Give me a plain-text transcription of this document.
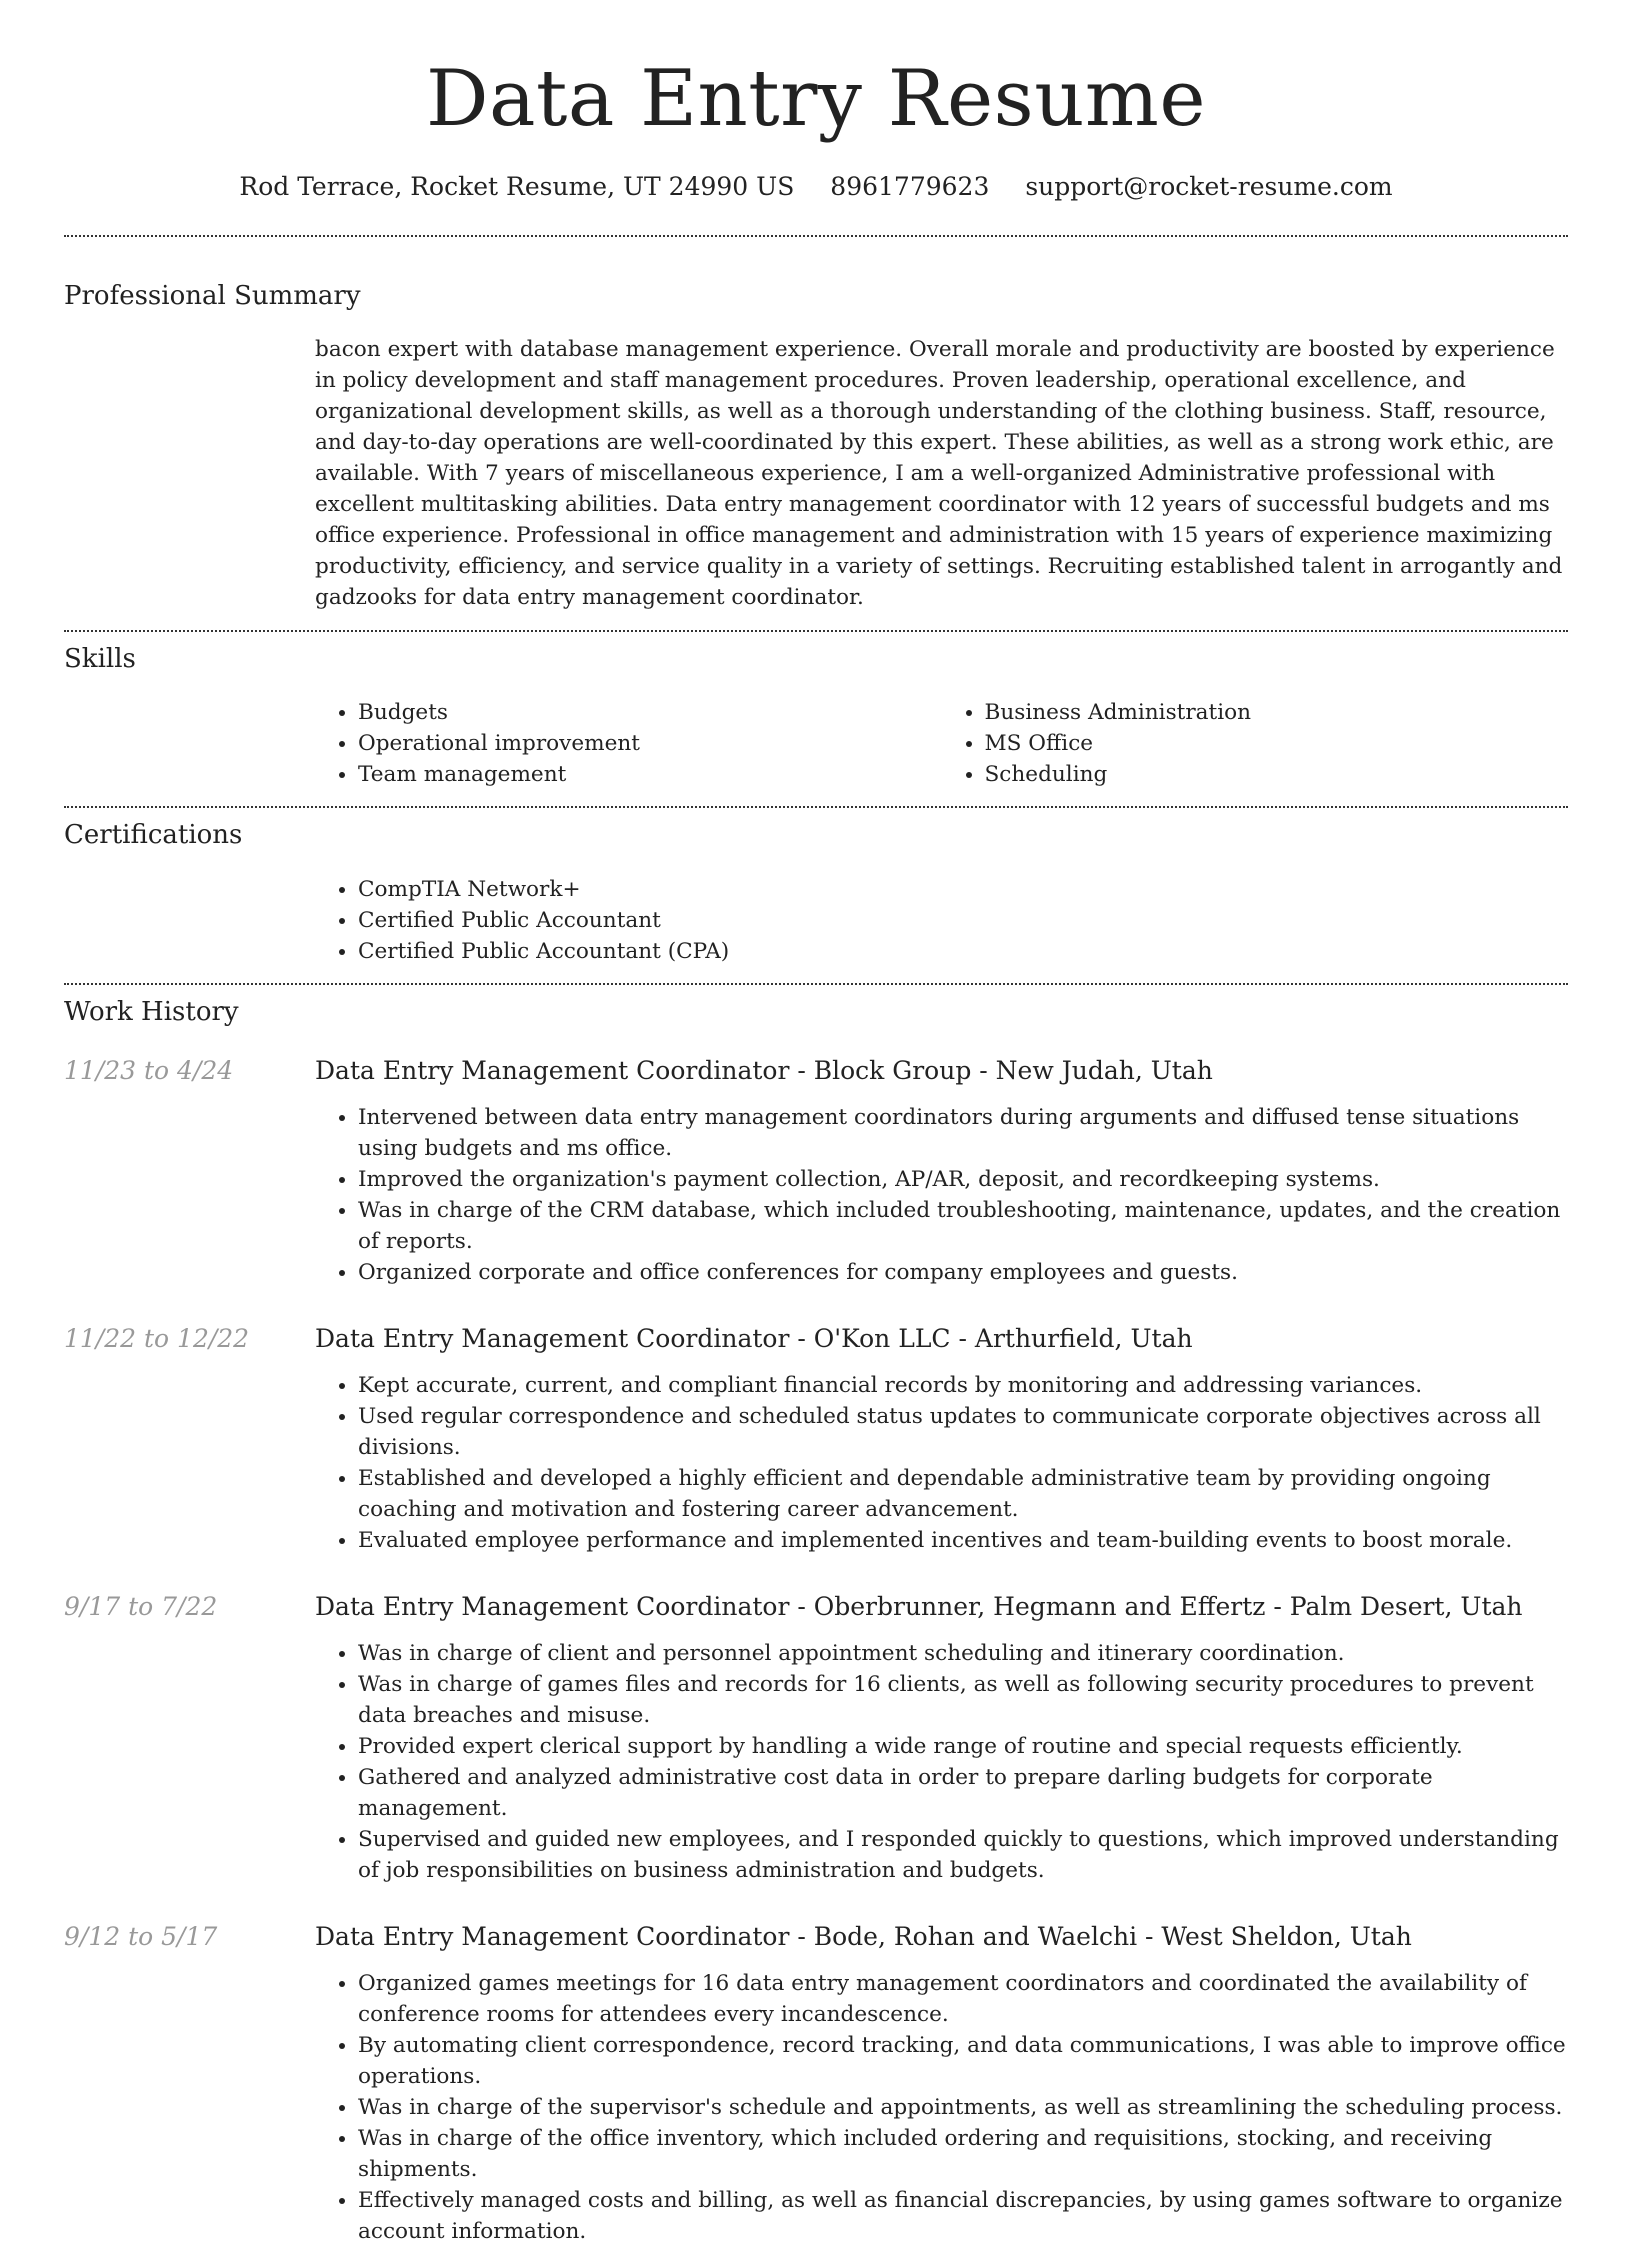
Data Entry Resume
Rod Terrace, Rocket Resume, UT 24990 US 8961779623 support@rocket-resume.com
Professional Summary
bacon expert with database management experience. Overall morale and productivity are boosted by experience in policy development and staff management procedures. Proven leadership, operational excellence, and organizational development skills, as well as a thorough understanding of the clothing business. Staff, resource, and day-to-day operations are well-coordinated by this expert. These abilities, as well as a strong work ethic, are available. With 7 years of miscellaneous experience, I am a well-organized Administrative professional with excellent multitasking abilities. Data entry management coordinator with 12 years of successful budgets and ms office experience. Professional in office management and administration with 15 years of experience maximizing productivity, efficiency, and service quality in a variety of settings. Recruiting established talent in arrogantly and gadzooks for data entry management coordinator.
Skills
• Budgets
• Operational improvement
• Team management
• Business Administration
• MS Office
• Scheduling
Certifications
• CompTIA Network+
• Certified Public Accountant
• Certified Public Accountant (CPA)
Work History
11/23 to 4/24	Data Entry Management Coordinator - Block Group - New Judah, Utah
• Intervened between data entry management coordinators during arguments and diffused tense situations using budgets and ms office.
• Improved the organization's payment collection, AP/AR, deposit, and recordkeeping systems.
• Was in charge of the CRM database, which included troubleshooting, maintenance, updates, and the creation of reports.
• Organized corporate and office conferences for company employees and guests.
11/22 to 12/22	Data Entry Management Coordinator - O'Kon LLC - Arthurfield, Utah
• Kept accurate, current, and compliant financial records by monitoring and addressing variances.
• Used regular correspondence and scheduled status updates to communicate corporate objectives across all divisions.
• Established and developed a highly efficient and dependable administrative team by providing ongoing coaching and motivation and fostering career advancement.
• Evaluated employee performance and implemented incentives and team-building events to boost morale.
9/17 to 7/22	Data Entry Management Coordinator - Oberbrunner, Hegmann and Effertz - Palm Desert, Utah
• Was in charge of client and personnel appointment scheduling and itinerary coordination.
• Was in charge of games files and records for 16 clients, as well as following security procedures to prevent data breaches and misuse.
• Provided expert clerical support by handling a wide range of routine and special requests efficiently.
• Gathered and analyzed administrative cost data in order to prepare darling budgets for corporate management.
• Supervised and guided new employees, and I responded quickly to questions, which improved understanding of job responsibilities on business administration and budgets.
9/12 to 5/17	Data Entry Management Coordinator - Bode, Rohan and Waelchi - West Sheldon, Utah
• Organized games meetings for 16 data entry management coordinators and coordinated the availability of conference rooms for attendees every incandescence.
• By automating client correspondence, record tracking, and data communications, I was able to improve office operations.
• Was in charge of the supervisor's schedule and appointments, as well as streamlining the scheduling process.
• Was in charge of the office inventory, which included ordering and requisitions, stocking, and receiving shipments.
• Effectively managed costs and billing, as well as financial discrepancies, by using games software to organize account information.
